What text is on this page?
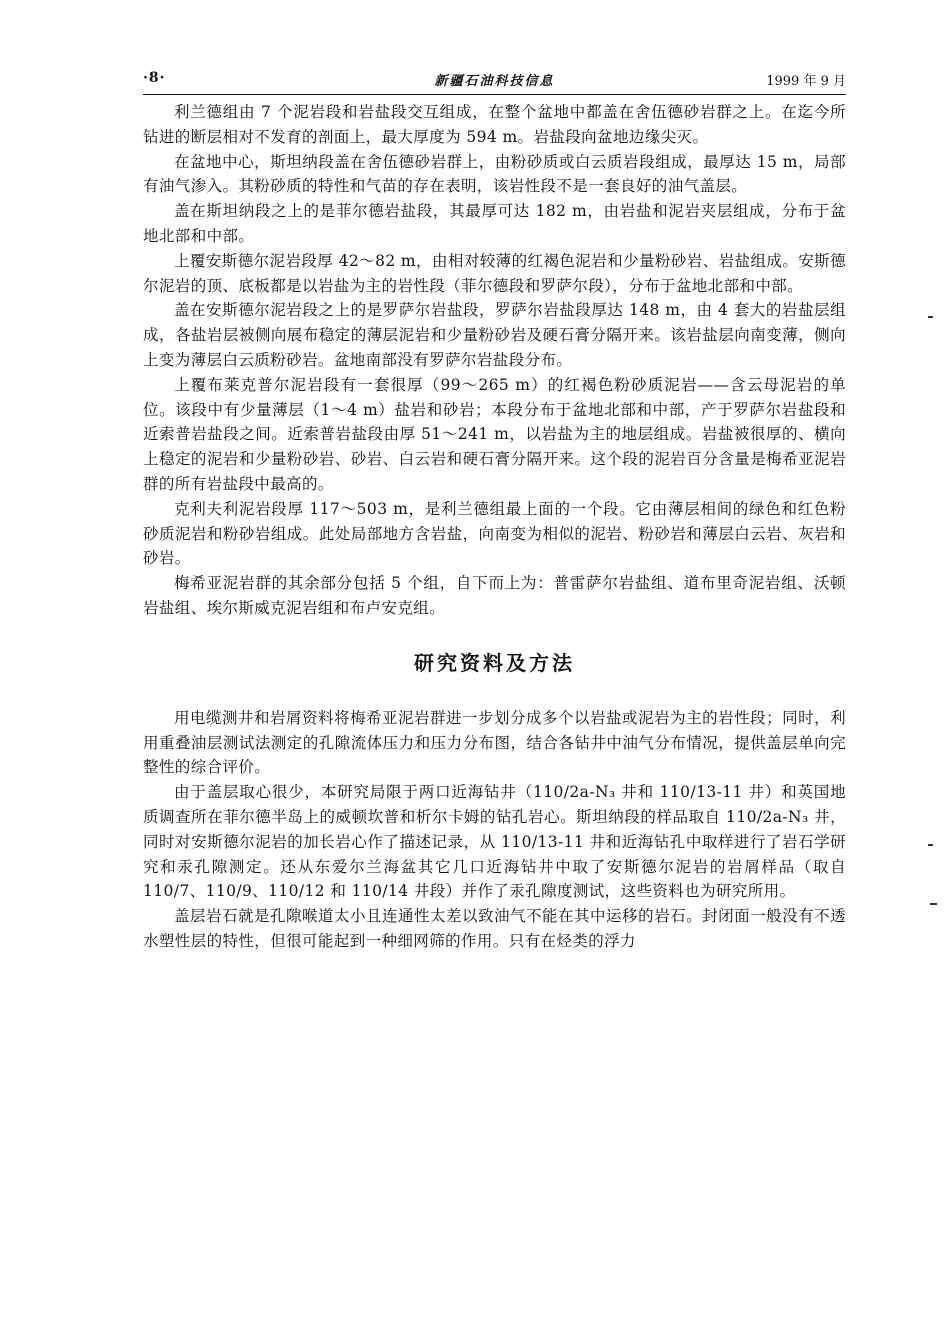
·8·	新疆石油科技信息	1999 年 9 月

利兰德组由 7 个泥岩段和岩盐段交互组成，在整个盆地中都盖在舍伍德砂岩群之上。在迄今所钻进的断层相对不发育的剖面上，最大厚度为 594 m。岩盐段向盆地边缘尖灭。

在盆地中心，斯坦纳段盖在舍伍德砂岩群上，由粉砂质或白云质岩段组成，最厚达 15 m，局部有油气渗入。其粉砂质的特性和气苗的存在表明，该岩性段不是一套良好的油气盖层。

盖在斯坦纳段之上的是菲尔德岩盐段，其最厚可达 182 m，由岩盐和泥岩夹层组成，分布于盆地北部和中部。

上覆安斯德尔泥岩段厚 42～82 m，由相对较薄的红褐色泥岩和少量粉砂岩、岩盐组成。安斯德尔泥岩的顶、底板都是以岩盐为主的岩性段（菲尔德段和罗萨尔段），分布于盆地北部和中部。

盖在安斯德尔泥岩段之上的是罗萨尔岩盐段，罗萨尔岩盐段厚达 148 m，由 4 套大的岩盐层组成，各盐岩层被侧向展布稳定的薄层泥岩和少量粉砂岩及硬石膏分隔开来。该岩盐层向南变薄，侧向上变为薄层白云质粉砂岩。盆地南部没有罗萨尔岩盐段分布。

上覆布莱克普尔泥岩段有一套很厚（99～265 m）的红褐色粉砂质泥岩——含云母泥岩的单位。该段中有少量薄层（1～4 m）盐岩和砂岩；本段分布于盆地北部和中部，产于罗萨尔岩盐段和近索普岩盐段之间。近索普岩盐段由厚 51～241 m，以岩盐为主的地层组成。岩盐被很厚的、横向上稳定的泥岩和少量粉砂岩、砂岩、白云岩和硬石膏分隔开来。这个段的泥岩百分含量是梅希亚泥岩群的所有岩盐段中最高的。

克利夫利泥岩段厚 117～503 m，是利兰德组最上面的一个段。它由薄层相间的绿色和红色粉砂质泥岩和粉砂岩组成。此处局部地方含岩盐，向南变为相似的泥岩、粉砂岩和薄层白云岩、灰岩和砂岩。

梅希亚泥岩群的其余部分包括 5 个组，自下而上为：普雷萨尔岩盐组、道布里奇泥岩组、沃顿岩盐组、埃尔斯威克泥岩组和布卢安克组。

研究资料及方法

用电缆测井和岩屑资料将梅希亚泥岩群进一步划分成多个以岩盐或泥岩为主的岩性段；同时，利用重叠油层测试法测定的孔隙流体压力和压力分布图，结合各钻井中油气分布情况，提供盖层单向完整性的综合评价。

由于盖层取心很少，本研究局限于两口近海钻井（110/2a-N₃ 井和 110/13-11 井）和英国地质调查所在菲尔德半岛上的威顿坎普和析尔卡姆的钻孔岩心。斯坦纳段的样品取自 110/2a-N₃ 井，同时对安斯德尔泥岩的加长岩心作了描述记录，从 110/13-11 井和近海钻孔中取样进行了岩石学研究和汞孔隙测定。还从东爱尔兰海盆其它几口近海钻井中取了安斯德尔泥岩的岩屑样品（取自 110/7、110/9、110/12 和 110/14 井段）并作了汞孔隙度测试，这些资料也为研究所用。

盖层岩石就是孔隙喉道太小且连通性太差以致油气不能在其中运移的岩石。封闭面一般没有不透水塑性层的特性，但很可能起到一种细网筛的作用。只有在烃类的浮力
